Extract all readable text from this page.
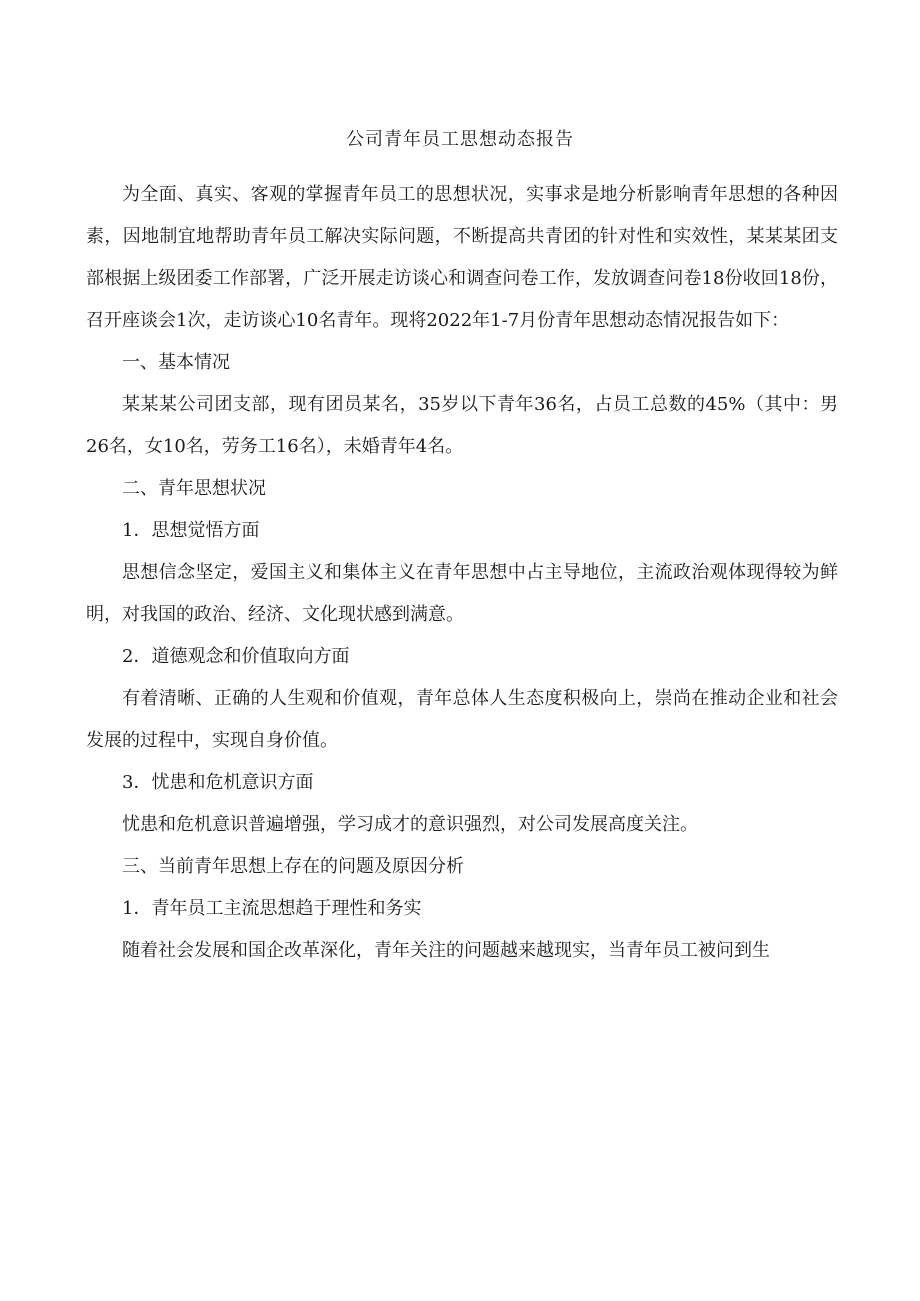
公司青年员工思想动态报告

为全面、真实、客观的掌握青年员工的思想状况，实事求是地分析影响青年思想的各种因素，因地制宜地帮助青年员工解决实际问题，不断提高共青团的针对性和实效性，某某某团支部根据上级团委工作部署，广泛开展走访谈心和调查问卷工作，发放调查问卷18份收回18份，召开座谈会1次，走访谈心10名青年。现将2022年1-7月份青年思想动态情况报告如下：

一、基本情况

某某某公司团支部，现有团员某名，35岁以下青年36名，占员工总数的45%（其中：男26名，女10名，劳务工16名），未婚青年4名。

二、青年思想状况

1．思想觉悟方面

思想信念坚定，爱国主义和集体主义在青年思想中占主导地位，主流政治观体现得较为鲜明，对我国的政治、经济、文化现状感到满意。

2．道德观念和价值取向方面

有着清晰、正确的人生观和价值观，青年总体人生态度积极向上，崇尚在推动企业和社会发展的过程中，实现自身价值。

3．忧患和危机意识方面

忧患和危机意识普遍增强，学习成才的意识强烈，对公司发展高度关注。

三、当前青年思想上存在的问题及原因分析

1．青年员工主流思想趋于理性和务实

随着社会发展和国企改革深化，青年关注的问题越来越现实，当青年员工被问到生
